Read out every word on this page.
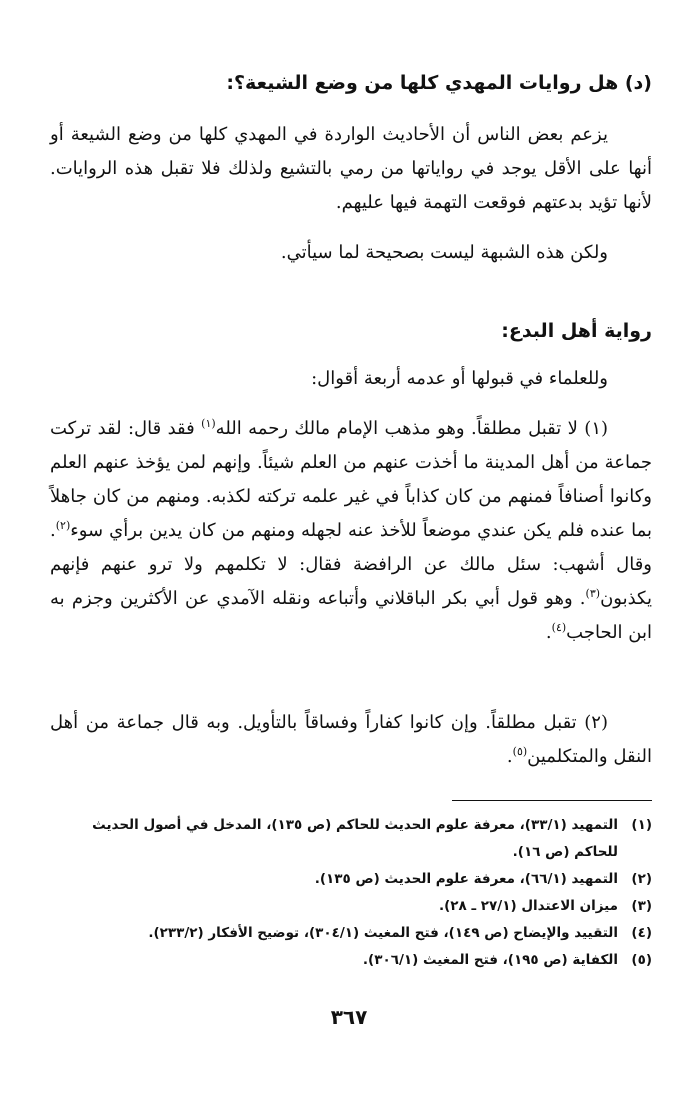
(د) هل روايات المهدي كلها من وضع الشيعة؟:
يزعم بعض الناس أن الأحاديث الواردة في المهدي كلها من وضع الشيعة أو أنها على الأقل يوجد في رواياتها من رمي بالتشيع ولذلك فلا تقبل هذه الروايات. لأنها تؤيد بدعتهم فوقعت التهمة فيها عليهم.
ولكن هذه الشبهة ليست بصحيحة لما سيأتي.
رواية أهل البدع:
وللعلماء في قبولها أو عدمه أربعة أقوال:
(١) لا تقبل مطلقاً. وهو مذهب الإمام مالك رحمه الله$^{(١)}$ فقد قال: لقد تركت جماعة من أهل المدينة ما أخذت عنهم من العلم شيئاً. وإنهم لمن يؤخذ عنهم العلم وكانوا أصنافاً فمنهم من كان كذاباً في غير علمه تركته لكذبه. ومنهم من كان جاهلاً بما عنده فلم يكن عندي موضعاً للأخذ عنه لجهله ومنهم من كان يدين برأي سوء$^{(٢)}$. وقال أشهب: سئل مالك عن الرافضة فقال: لا تكلمهم ولا ترو عنهم فإنهم يكذبون$^{(٣)}$. وهو قول أبي بكر الباقلاني وأتباعه ونقله الآمدي عن الأكثرين وجزم به ابن الحاجب$^{(٤)}$.
(٢) تقبل مطلقاً. وإن كانوا كفاراً وفساقاً بالتأويل. وبه قال جماعة من أهل النقل والمتكلمين$^{(٥)}$.
(١)
التمهيد (٣٣/١)، معرفة علوم الحديث للحاكم (ص ١٣٥)، المدخل في أصول الحديث للحاكم (ص ١٦).
(٢)
التمهيد (٦٦/١)، معرفة علوم الحديث (ص ١٣٥).
(٣)
ميزان الاعتدال (٢٧/١ ـ ٢٨).
(٤)
التقييد والإيضاح (ص ١٤٩)، فتح المغيث (٣٠٤/١)، توضيح الأفكار (٢٣٣/٢).
(٥)
الكفاية (ص ١٩٥)، فتح المغيث (٣٠٦/١).
٣٦٧
